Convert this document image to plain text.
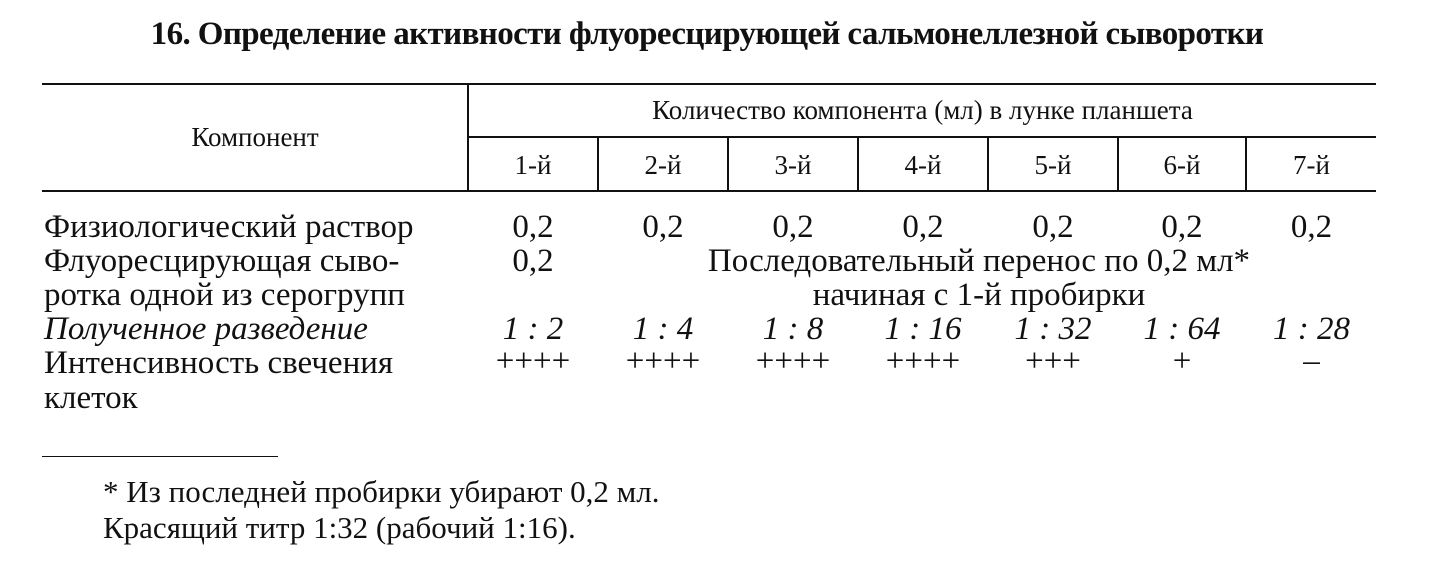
16. Определение активности флуоресцирующей сальмонеллезной сыворотки
Компонент
Количество компонента (мл) в лунке планшета
1-й	2-й	3-й	4-й	5-й	6-й	7-й
Физиологический раствор	0,2	0,2	0,2	0,2	0,2	0,2	0,2
Флуоресцирующая сыво-
ротка одной из серогрупп
0,2	Последовательный перенос по 0,2 мл*
начиная с 1-й пробирки
Полученное разведение	1 : 2	1 : 4	1 : 8	1 : 16	1 : 32	1 : 64	1 : 28
Интенсивность свечения
клеток
++++	++++	++++	++++	+++	+	–
* Из последней пробирки убирают 0,2 мл.
Красящий титр 1:32 (рабочий 1:16).
